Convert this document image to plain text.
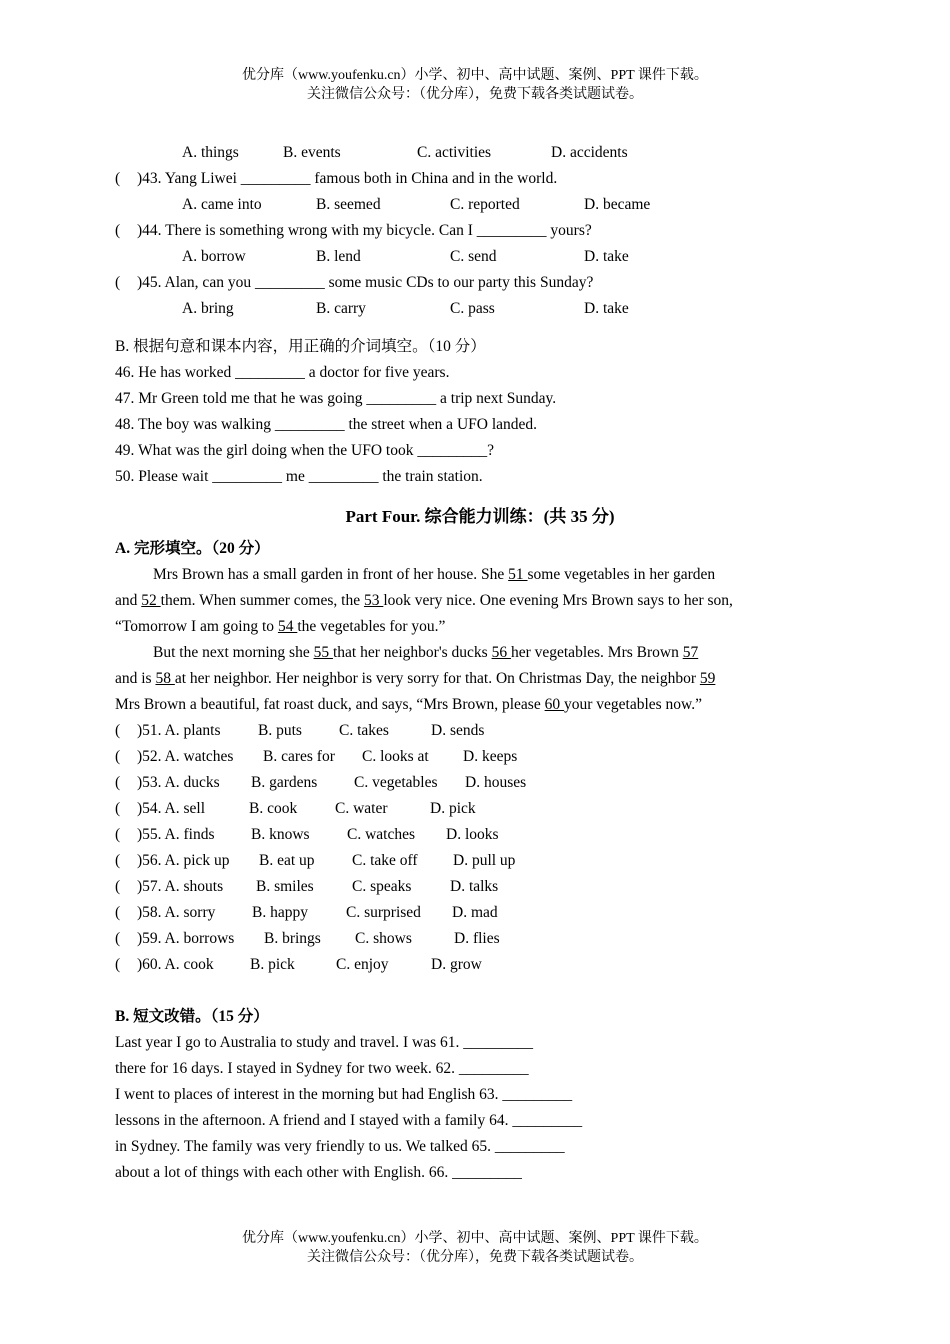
优分库（www.youfenku.cn）小学、初中、高中试题、案例、PPT 课件下载。
关注微信公众号：（优分库），免费下载各类试题试卷。
A. things	B. events	C. activities	D. accidents
( )43. Yang Liwei _________ famous both in China and in the world.
A. came into	B. seemed	C. reported	D. became
( )44. There is something wrong with my bicycle. Can I _________ yours?
A. borrow	B. lend	C. send	D. take
( )45. Alan, can you _________ some music CDs to our party this Sunday?
A. bring	B. carry	C. pass	D. take
B. 根据句意和课本内容，用正确的介词填空。（10 分）
46. He has worked _________ a doctor for five years.
47. Mr Green told me that he was going _________ a trip next Sunday.
48. The boy was walking _________ the street when a UFO landed.
49. What was the girl doing when the UFO took _________?
50. Please wait _________ me _________ the train station.
Part Four. 综合能力训练：(共 35 分)
A. 完形填空。（20 分）
Mrs Brown has a small garden in front of her house. She 51 some vegetables in her garden
and 52 them. When summer comes, the 53 look very nice. One evening Mrs Brown says to her son,
“Tomorrow I am going to 54 the vegetables for you.”
But the next morning she 55 that her neighbor's ducks 56 her vegetables. Mrs Brown 57
and is 58 at her neighbor. Her neighbor is very sorry for that. On Christmas Day, the neighbor 59
Mrs Brown a beautiful, fat roast duck, and says, “Mrs Brown, please 60 your vegetables now.”
( )51. A. plants B. puts C. takes	D. sends
( )52. A. watches B. cares for C. looks at D. keeps
( )53. A. ducks B. gardens C. vegetables D. houses
( )54. A. sell	B. cook C. water	D. pick
( )55. A. finds B. knows C. watches D. looks
( )56. A. pick up B. eat up C. take off D. pull up
( )57. A. shouts B. smiles C. speaks D. talks
( )58. A. sorry B. happy C. surprised D. mad
( )59. A. borrows B. brings C. shows	D. flies
( )60. A. cook B. pick	C. enjoy	D. grow
B. 短文改错。（15 分）
Last year I go to Australia to study and travel. I was 61. _________
there for 16 days. I stayed in Sydney for two week. 62. _________
I went to places of interest in the morning but had English 63. _________
lessons in the afternoon. A friend and I stayed with a family 64. _________
in Sydney. The family was very friendly to us. We talked 65. _________
about a lot of things with each other with English. 66. _________
优分库（www.youfenku.cn）小学、初中、高中试题、案例、PPT 课件下载。
关注微信公众号：（优分库），免费下载各类试题试卷。
